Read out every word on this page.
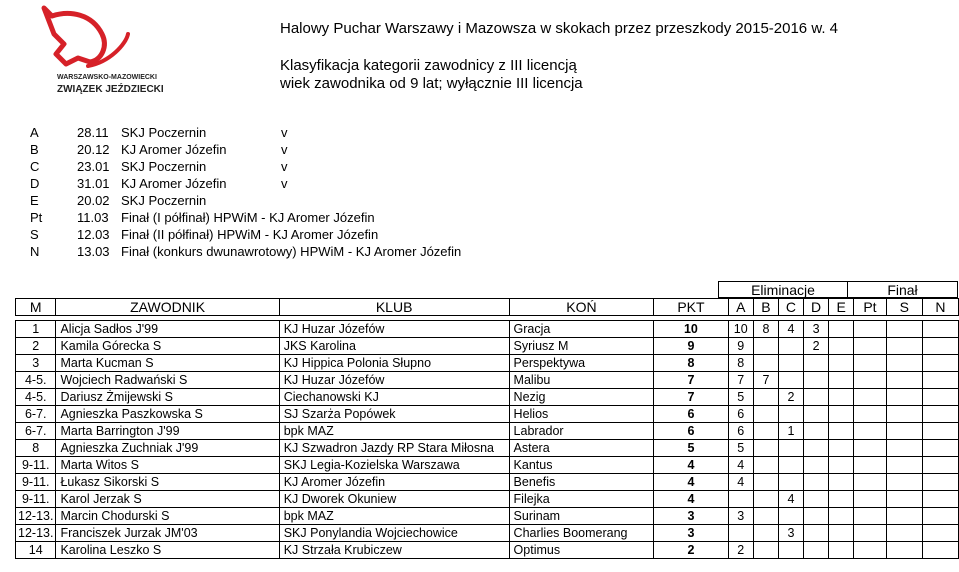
WARSZAWSKO-MAZOWIECKI
ZWIĄZEK JEŹDZIECKI
Halowy Puchar Warszawy i Mazowsza w skokach przez przeszkody 2015-2016 w. 4
Klasyfikacja kategorii zawodnicy z III licencją
wiek zawodnika od 9 lat; wyłącznie III licencja
A	28.11 SKJ Poczernin	v
B	20.12 KJ Aromer Józefin	v
C	23.01 SKJ Poczernin	v
D	31.01 KJ Aromer Józefin	v
E	20.02 SKJ Poczernin
Pt	11.03 Finał (I półfinał) HPWiM - KJ Aromer Józefin
S	12.03 Finał (II półfinał) HPWiM - KJ Aromer Józefin
N	13.03 Finał (konkurs dwunawrotowy) HPWiM - KJ Aromer Józefin
Eliminacje	Finał
M	ZAWODNIK	KLUB	KOŃ	PKT	A	B	C	D	E	Pt	S	N

1	Alicja Sadłos J'99	KJ Huzar Józefów	Gracja	10	10	8	4	3				
2	Kamila Górecka S	JKS Karolina	Syriusz M	9	9			2				
3	Marta Kucman S	KJ Hippica Polonia Słupno	Perspektywa	8	8							
4-5.	Wojciech Radwański S	KJ Huzar Józefów	Malibu	7	7	7						
4-5.	Dariusz Żmijewski S	Ciechanowski KJ	Nezig	7	5		2					
6-7.	Agnieszka Paszkowska S	SJ Szarża Popówek	Helios	6	6							
6-7.	Marta Barrington J'99	bpk MAZ	Labrador	6	6		1					
8	Agnieszka Zuchniak J'99	KJ Szwadron Jazdy RP Stara Miłosna	Astera	5	5							
9-11.	Marta Witos S	SKJ Legia-Kozielska Warszawa	Kantus	4	4							
9-11.	Łukasz Sikorski S	KJ Aromer Józefin	Benefis	4	4							
9-11.	Karol Jerzak S	KJ Dworek Okuniew	Filejka	4			4					
12-13.	Marcin Chodurski S	bpk MAZ	Surinam	3	3							
12-13.	Franciszek Jurzak JM'03	SKJ Ponylandia Wojciechowice	Charlies Boomerang	3			3					
14	Karolina Leszko S	KJ Strzała Krubiczew	Optimus	2	2							
